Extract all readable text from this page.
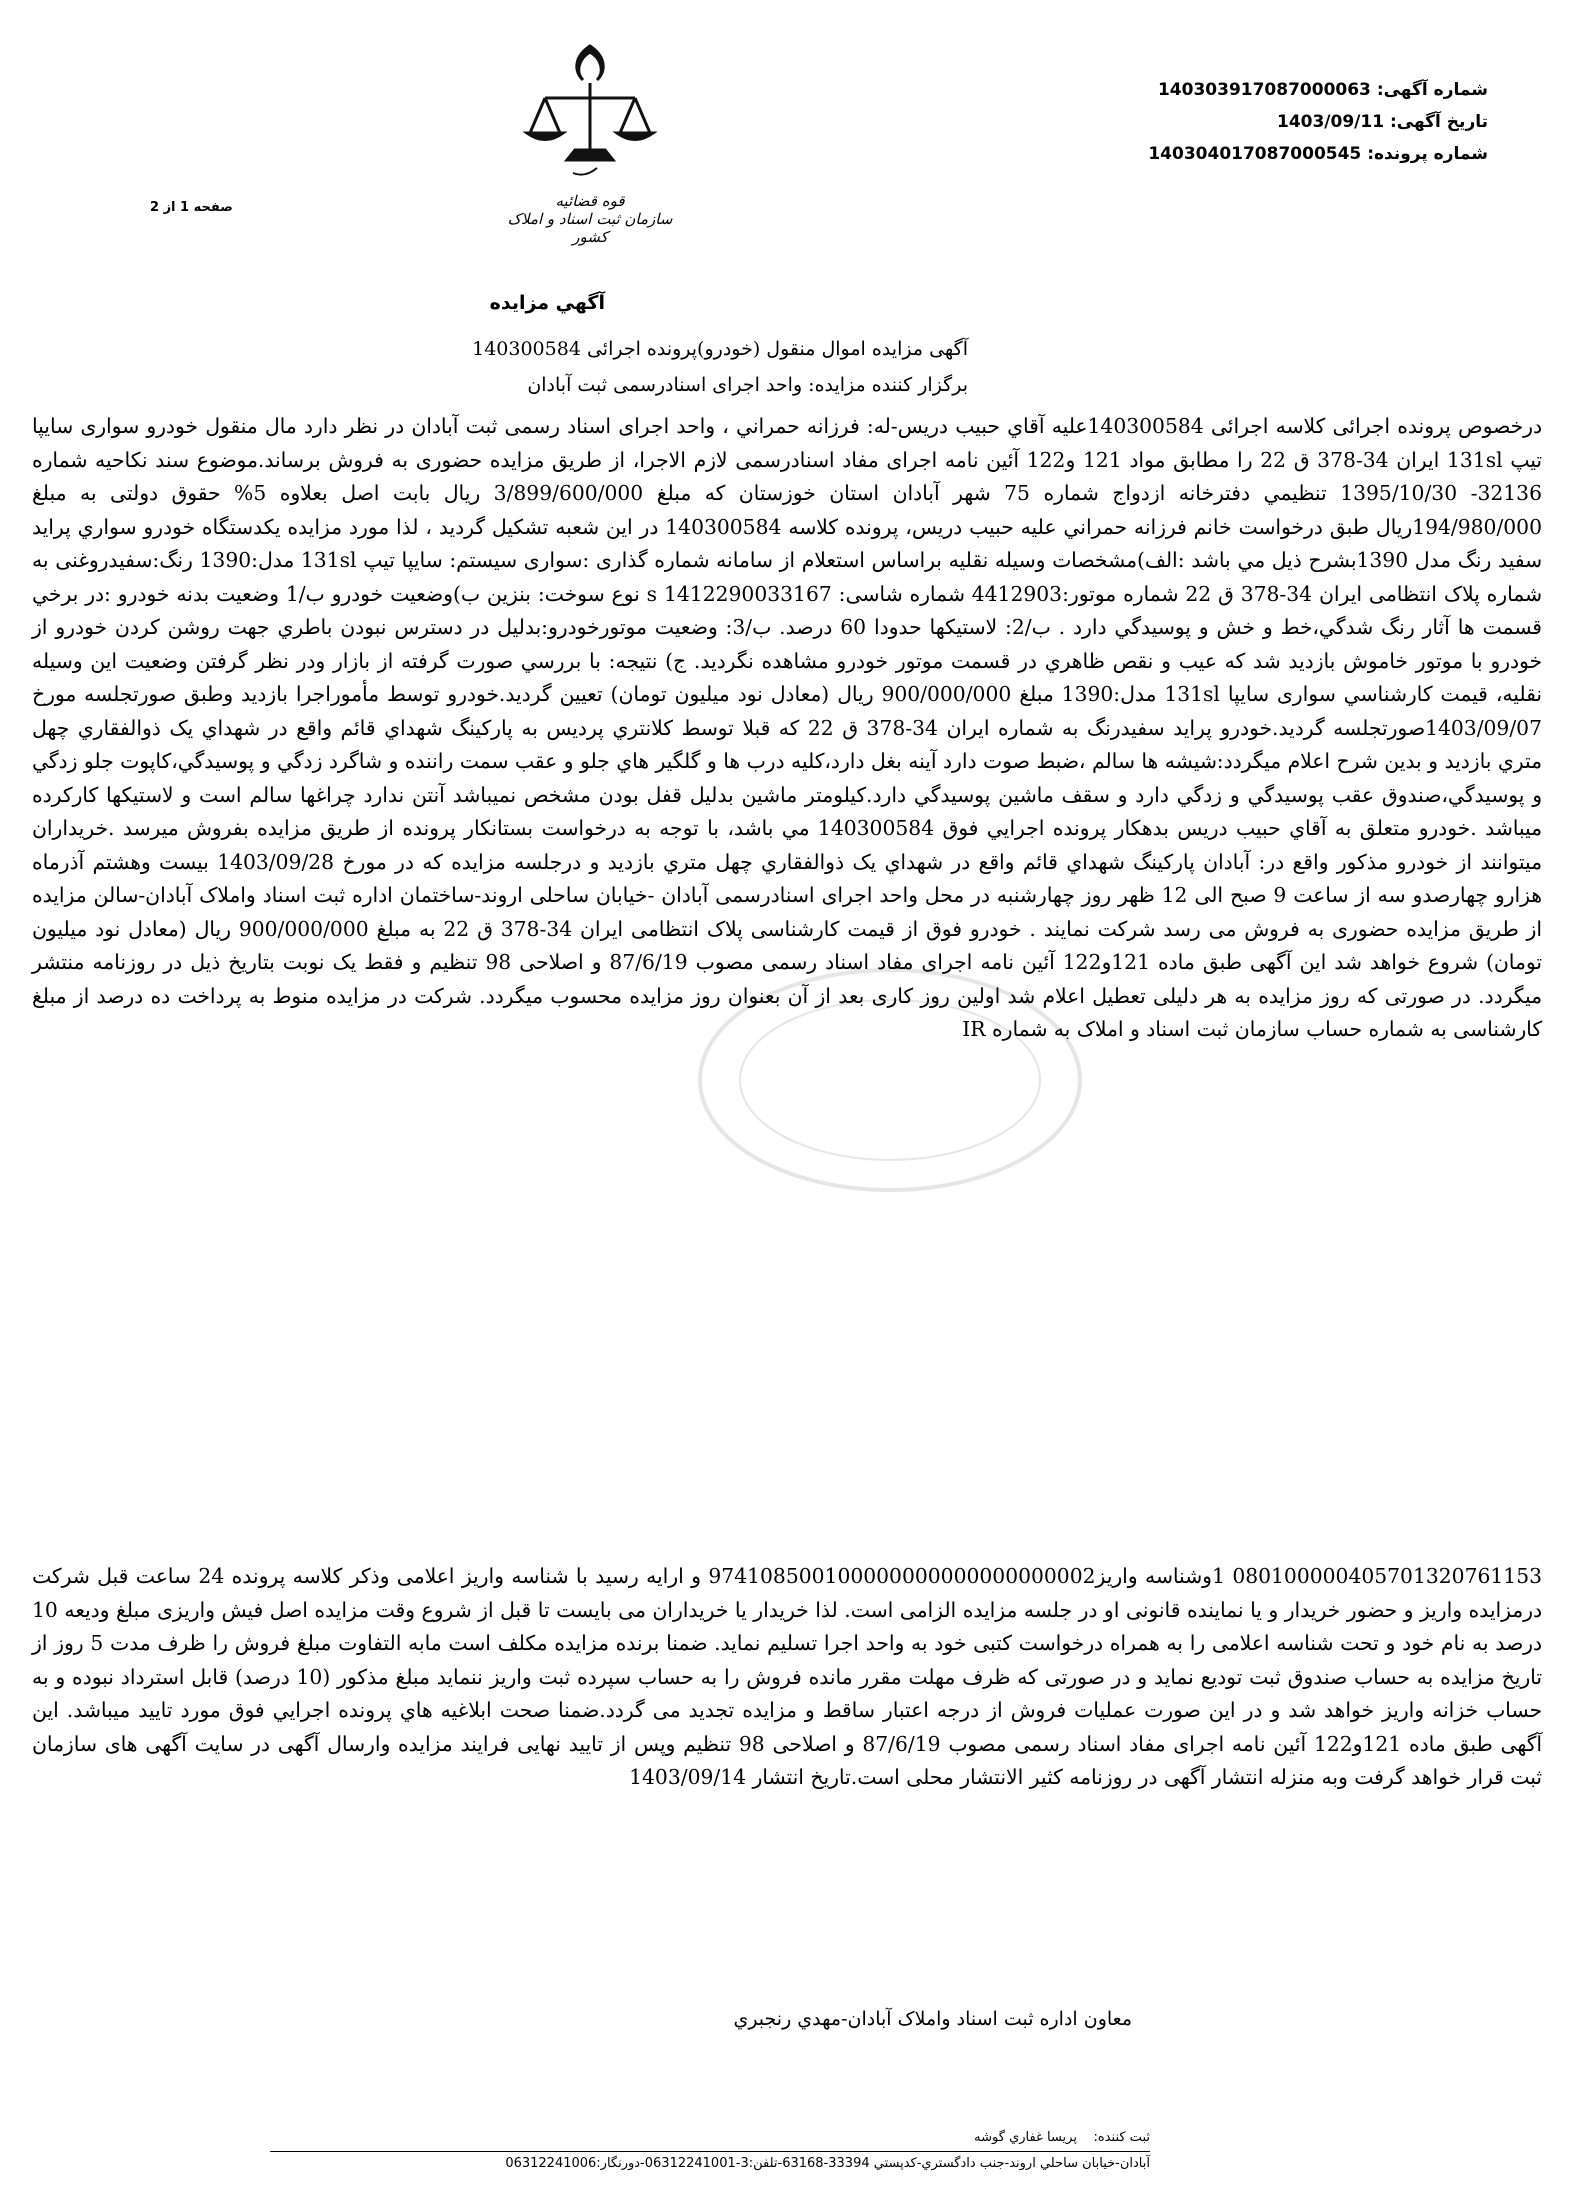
شماره آگهی: 140303917087000063
تاریخ آگهی: 1403/09/11
شماره پرونده: 140304017087000545
قوه قضائیه
سازمان ثبت اسناد و املاک کشور
صفحه 1 از 2
آگهي مزايده
آگهی مزایده اموال منقول (خودرو)پرونده اجرائی 140300584
برگزار کننده مزایده: واحد اجرای اسنادرسمی ثبت آبادان
درخصوص پرونده اجرائی کلاسه اجرائی 140300584علیه آقاي حبيب دريس-له: فرزانه حمراني ، واحد اجرای اسناد رسمی ثبت آبادان در نظر دارد مال منقول خودرو سواری سایپا تیپ 131sl ایران 34-378 ق 22 را مطابق مواد 121 و122 آئین نامه اجرای مفاد اسنادرسمی لازم الاجرا، از طریق مزایده حضوری به فروش برساند.موضوع سند نکاحيه شماره 32136- 1395/10/30 تنظيمي دفترخانه ازدواج شماره 75 شهر آبادان استان خوزستان كه مبلغ 3/899/600/000 ريال بابت اصل بعلاوه 5% حقوق دولتی به مبلغ 194/980/000ريال طبق درخواست خانم فرزانه حمراني عليه حبيب دريس، پرونده کلاسه 140300584 در این شعبه تشکیل گرديد ، لذا مورد مزايده يكدستگاه خودرو سواري پرايد سفيد رنگ مدل 1390بشرح ذيل مي باشد :الف)مشخصات وسیله نقلیه براساس استعلام از سامانه شماره گذاری :سواری سیستم: سایپا تیپ 131sl مدل:1390 رنگ:سفیدروغنی به شماره پلاک انتظامی ایران 34-378 ق 22 شماره موتور:4412903 شماره شاسی: 1412290033167 s نوع سوخت: بنزین ب)وضعيت خودرو ب/1 وضعيت بدنه خودرو :در برخي قسمت ها آثار رنگ شدگي،خط و خش و پوسيدگي دارد . ب/2: لاستيكها حدودا 60 درصد. ب/3: وضعيت موتورخودرو:بدليل در دسترس نبودن باطري جهت روشن كردن خودرو از خودرو با موتور خاموش بازديد شد كه عيب و نقص ظاهري در قسمت موتور خودرو مشاهده نگرديد. ج) نتيجه: با بررسي صورت گرفته از بازار ودر نظر گرفتن وضعيت اين وسيله نقليه، قيمت كارشناسي سواری سایپا 131sl مدل:1390 مبلغ 900/000/000 ريال (معادل نود ميليون تومان) تعيين گرديد.خودرو توسط مأموراجرا بازديد وطبق صورتجلسه مورخ 1403/09/07صورتجلسه گرديد.خودرو پرايد سفيدرنگ به شماره ايران 34-378 ق 22 كه قبلا توسط كلانتري پرديس به پاركينگ شهداي قائم واقع در شهداي يک ذوالفقاري چهل متري بازديد و بدين شرح اعلام ميگردد:شيشه ها سالم ،ضبط صوت دارد آينه بغل دارد،كليه درب ها و گلگير هاي جلو و عقب سمت راننده و شاگرد زدگي و پوسيدگي،كاپوت جلو زدگي و پوسيدگي،صندوق عقب پوسيدگي و زدگي دارد و سقف ماشين پوسيدگي دارد.كيلومتر ماشين بدليل قفل بودن مشخص نميباشد آنتن ندارد چراغها سالم است و لاستيكها كاركرده ميباشد .خودرو متعلق به آقاي حبيب دريس بدهكار پرونده اجرايي فوق 140300584 مي باشد، با توجه به درخواست بستانكار پرونده از طريق مزايده بفروش ميرسد .خريداران ميتوانند از خودرو مذكور واقع در: آبادان پاركينگ شهداي قائم واقع در شهداي يک ذوالفقاري چهل متري بازديد و درجلسه مزایده كه در مورخ 1403/09/28 بيست وهشتم آذرماه هزارو چهارصدو سه از ساعت 9 صبح الی 12 ظهر روز چهارشنبه در محل واحد اجرای اسنادرسمی آبادان -خیابان ساحلی اروند-ساختمان اداره ثبت اسناد واملاک آبادان-سالن مزایده از طريق مزايده حضوری به فروش می رسد شرکت نمایند . خودرو فوق از قیمت کارشناسی پلاک انتظامی ایران 34-378 ق 22 به مبلغ 900/000/000 ريال (معادل نود ميليون تومان) شروع خواهد شد این آگهی طبق ماده 121و122 آئين نامه اجرای مفاد اسناد رسمی مصوب 87/6/19 و اصلاحی 98 تنظیم و فقط يک نوبت بتاريخ ذيل در روزنامه منتشر ميگردد. در صورتی که روز مزایده به هر دلیلی تعطیل اعلام شد اولین روز کاری بعد از آن بعنوان روز مزایده محسوب میگردد. شرکت در مزایده منوط به پرداخت ده درصد از مبلغ کارشناسی به شماره حساب سازمان ثبت اسناد و املاک به شماره IR
080100000405701320761153 1وشناسه واريز974108500100000000000000000002 و ارايه رسيد با شناسه واريز اعلامی وذکر کلاسه پرونده 24 ساعت قبل شرکت درمزایده واريز و حضور خريدار و يا نماينده قانونی او در جلسه مزايده الزامی است. لذا خريدار يا خريداران می بايست تا قبل از شروع وقت مزايده اصل فيش واريزی مبلغ وديعه 10 درصد به نام خود و تحت شناسه اعلامی را به همراه درخواست کتبی خود به واحد اجرا تسليم نمايد. ضمنا برنده مزايده مکلف است مابه التفاوت مبلغ فروش را ظرف مدت 5 روز از تاريخ مزايده به حساب صندوق ثبت توديع نمايد و در صورتی که ظرف مهلت مقرر مانده فروش را به حساب سپرده ثبت واريز ننمايد مبلغ مذکور (10 درصد) قابل استرداد نبوده و به حساب خزانه واريز خواهد شد و در اين صورت عمليات فروش از درجه اعتبار ساقط و مزايده تجديد می گردد.ضمنا صحت ابلاغيه هاي پرونده اجرايي فوق مورد تاييد ميباشد. اين آگهی طبق ماده 121و122 آئين نامه اجرای مفاد اسناد رسمی مصوب 87/6/19 و اصلاحی 98 تنظيم وپس از تاييد نهايی فرايند مزايده وارسال آگهی در سايت آگهی های سازمان ثبت قرار خواهد گرفت وبه منزله انتشار آگهی در روزنامه کثير الانتشار محلی است.تاريخ انتشار 1403/09/14
معاون اداره ثبت اسناد واملاک آبادان-مهدي رنجبري
ثبت كننده:    پريسا غفاري گوشه
آبادان-خيابان ساحلي اروند-جنب دادگستري-كدپستي 33394-63168-تلفن:3-06312241001-دورنگار:06312241006
